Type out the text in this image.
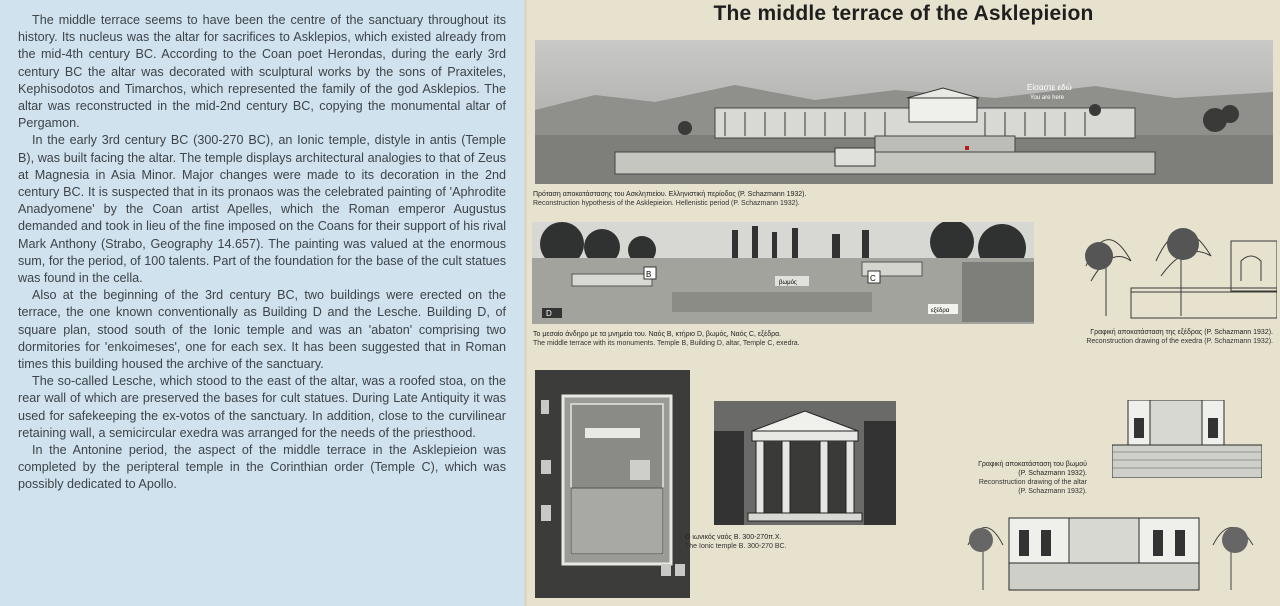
The middle terrace seems to have been the centre of the sanctuary throughout its history. Its nucleus was the altar for sacrifices to Asklepios, which existed already from the mid-4th century BC. According to the Coan poet Herondas, during the early 3rd century BC the altar was decorated with sculptural works by the sons of Praxiteles, Kephisodotos and Timarchos, which represented the family of the god Asklepios. The altar was reconstructed in the mid-2nd century BC, copying the monumental altar of Pergamon.

In the early 3rd century BC (300-270 BC), an Ionic temple, distyle in antis (Temple B), was built facing the altar. The temple displays architectural analogies to that of Zeus at Magnesia in Asia Minor. Major changes were made to its decoration in the 2nd century BC. It is suspected that in its pronaos was the celebrated painting of 'Aphrodite Anadyomene' by the Coan artist Apelles, which the Roman emperor Augustus demanded and took in lieu of the fine imposed on the Coans for their support of his rival Mark Anthony (Strabo, Geography 14.657). The painting was valued at the enormous sum, for the period, of 100 talents. Part of the foundation for the base of the cult statues was found in the cella.

Also at the beginning of the 3rd century BC, two buildings were erected on the terrace, the one known conventionally as Building D and the Lesche. Building D, of square plan, stood south of the Ionic temple and was an 'abaton' comprising two dormitories for 'enkoimeses', one for each sex. It has been suggested that in Roman times this building housed the archive of the sanctuary.

The so-called Lesche, which stood to the east of the altar, was a roofed stoa, on the rear wall of which are preserved the bases for cult statues. During Late Antiquity it was used for safekeeping the ex-votos of the sanctuary. In addition, close to the curvilinear retaining wall, a semicircular exedra was arranged for the needs of the priesthood.

In the Antonine period, the aspect of the middle terrace in the Asklepieion was completed by the peripteral temple in the Corinthian order (Temple C), which was possibly dedicated to Apollo.

The middle terrace of the Asklepieion
Είσαστε εδώ
You are here
Πρόταση αποκατάστασης του Ασκληπιείου. Ελληνιστική περίοδος (P. Schazmann 1932).
Reconstruction hypothesis of the Asklepieion. Hellenistic period (P. Schazmann 1932).
B	C
D
βωμός
εξέδρα
Το μεσαίο άνδηρο με τα μνημεία του. Ναός Β, κτήριο D, βωμός, Ναός C, εξέδρα.
The middle terrace with its monuments. Temple B, Building D, altar, Temple C, exedra.
Γραφική αποκατάσταση της εξέδρας (P. Schazmann 1932).
Reconstruction drawing of the exedra (P. Schazmann 1932).
Ο ιωνικός ναός Β. 300-270π.Χ.
The Ionic temple B. 300-270 BC.
Γραφική αποκατάσταση του βωμού
(P. Schazmann 1932).
Reconstruction drawing of the altar
(P. Schazmann 1932).
